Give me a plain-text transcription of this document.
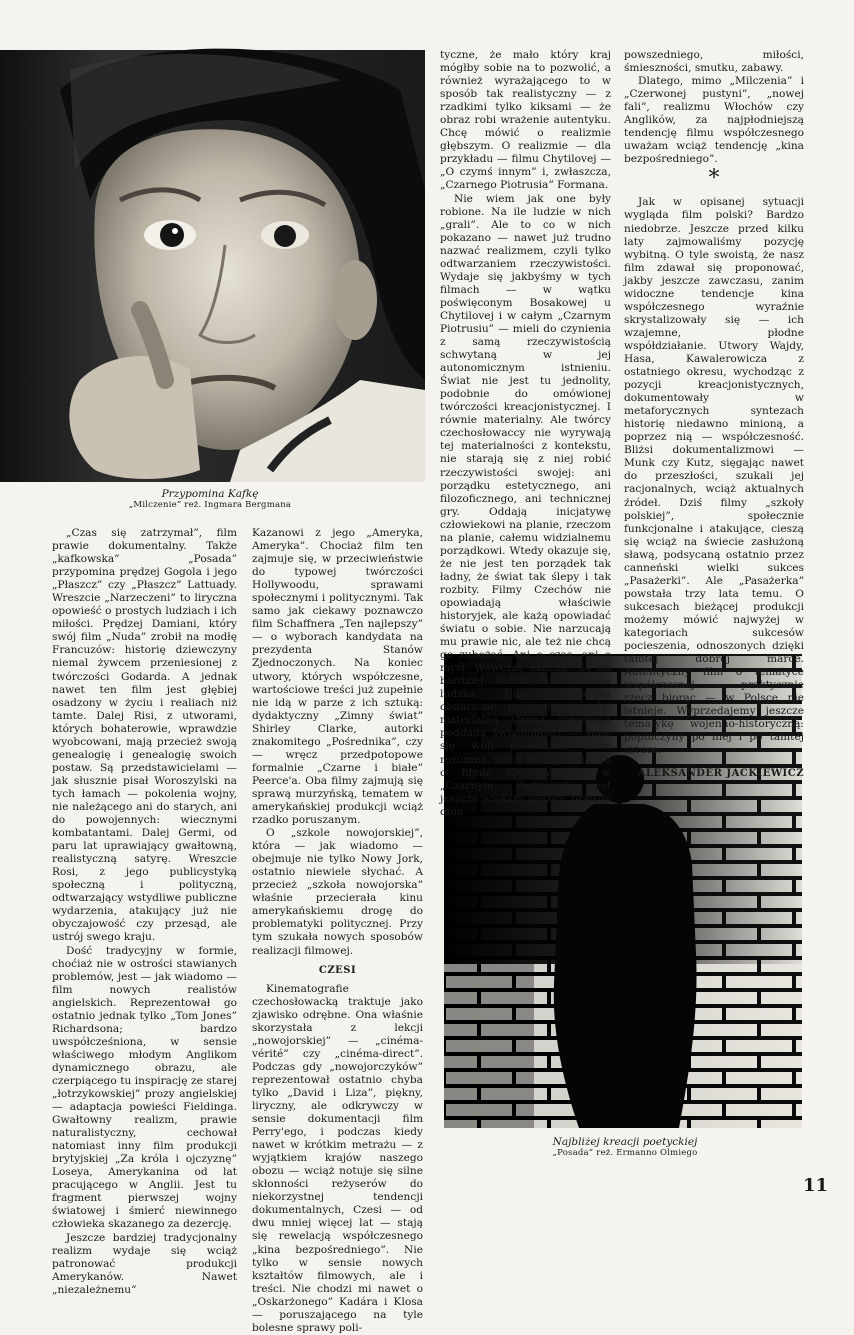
Przypomina Kafkę
„Milczenie” reż. Ingmara Bergmana
Najbliżej kreacji poetyckiej
„Posada” reż. Ermanno Olmiego

tyczne, że mało który kraj mógłby sobie na to pozwolić, a również wyrażającego to w sposób tak realistyczny — z rzadkimi tylko kiksami — że obraz robi wrażenie autentyku. Chcę mówić o realizmie głębszym. O realizmie — dla przykładu — filmu Chytilovej — „O czymś innym” i, zwłaszcza, „Czarnego Piotrusia” Formana.

Nie wiem jak one były robione. Na ile ludzie w nich „grali”. Ale to co w nich pokazano — nawet już trudno nazwać realizmem, czyli tylko odtwarzaniem rzeczywistości. Wydaje się jakbyśmy w tych filmach — w wątku poświęconym Bosakowej u Chytilovej i w całym „Czarnym Piotrusiu” — mieli do czynienia z samą rzeczywistością schwytaną w jej autonomicznym istnieniu. Świat nie jest tu jednolity, podobnie do omówionej twórczości kreacjonistycznej. I równie materialny. Ale twórcy czechosłowaccy nie wyrywają tej materialności z kontekstu, nie starają się z niej robić rzeczywistości swojej: ani porządku estetycznego, ani filozoficznego, ani technicznej gry. Oddają inicjatywę człowiekowi na planie, rzeczom na planie, całemu widzialnemu porządkowi. Wtedy okazuje się, że nie jest ten porządek tak ładny, że świat tak ślepy i tak rozbity. Filmy Czechów nie opowiadają właściwie historyjek, ale każą opowiadać światu o sobie. Nie narzucają mu prawie nic, ale też nie chcą go zubożać. Ani o czas, ani o myśl. Wówczas okazuje się on bardziej ludzki niż kreacja ludzka. Ciało człowieka obdarzone rozumem i wolą, materialna strona człowieka poddana świadomości — staje się woli posłuszna, sama rozumna, sama inteligentna. To o filmie Chytilovej. A w „Czarnym Piotrusiu” jest jeszcze większy gąszcz: prawdy dnia

powszedniego, miłości, śmieszności, smutku, zabawy.

Dlatego, mimo „Milczenia” i „Czerwonej pustyni”, „nowej fali”, realizmu Włochów czy Anglików, za najpłodniejszą tendencję filmu współczesnego uważam wciąż tendencję „kina bezpośredniego”.

*

Jak w opisanej sytuacji wygląda film polski? Bardzo niedobrze. Jeszcze przed kilku laty zajmowaliśmy pozycję wybitną. O tyle swoistą, że nasz film zdawał się proponować, jakby jeszcze zawczasu, zanim widoczne tendencje kina współczesnego wyraźnie skrystalizowały się — ich wzajemne, płodne współdziałanie. Utwory Wajdy, Hasa, Kawalerowicza z ostatniego okresu, wychodząc z pozycji kreacjonistycznych, dokumentowały w metaforycznych syntezach historię niedawno minioną, a poprzez nią — współczesność. Bliżsi dokumentalizmowi — Munk czy Kutz, sięgając nawet do przeszłości, szukali jej racjonalnych, wciąż aktualnych źródeł. Dziś filmy „szkoły polskiej”, społecznie funkcjonalne i atakujące, cieszą się wciąż na świecie zasłużoną sławą, podsycaną ostatnio przez canneński wielki sukces „Pasażerki”. Ale „Pasażerka” powstała trzy lata temu. O sukcesach bieżącej produkcji możemy mówić najwyżej w kategoriach sukcesów pocieszenia, odnoszonych dzięki tamtej dobrej marce. Autentyczny film o tematyce współczesnej — praktycznie rzecz biorąc — w Polsce nie istnieje. Wyprzedajemy jeszcze tematykę wojenno-historyczną: popluczyny po niej i po tamtej sztuce.

ALEKSANDER JACKIEWICZ

„Czas się zatrzymał”, film prawie dokumentalny. Także „kafkowska” „Posada” przypomina prędzej Gogola i jego „Płaszcz” czy „Płaszcz” Lattuady. Wreszcie „Narzeczeni” to liryczna opowieść o prostych ludziach i ich miłości. Prędzej Damiani, który swój film „Nuda” zrobił na modłę Francuzów: historię dziewczyny niemal żywcem przeniesionej z twórczości Godarda. A jednak nawet ten film jest głębiej osadzony w życiu i realiach niż tamte. Dalej Risi, z utworami, których bohaterowie, wprawdzie wyobcowani, mają przecież swoją genealogię i genealogię swoich postaw. Są przedstawicielami — jak słusznie pisał Woroszylski na tych łamach — pokolenia wojny, nie należącego ani do starych, ani do powojennych: wiecznymi kombatantami. Dalej Germi, od paru lat uprawiający gwałtowną, realistyczną satyrę. Wreszcie Rosi, z jego publicystyką społeczną i polityczną, odtwarzający wstydliwe publiczne wydarzenia, atakujący już nie obyczajowość czy przesąd, ale ustrój swego kraju.

Dość tradycyjny w formie, choćiaż nie w ostrości stawianych problemów, jest — jak wiadomo — film nowych realistów angielskich. Reprezentował go ostatnio jednak tylko „Tom Jones” Richardsona; bardzo uwspółcześniona, w sensie właściwego młodym Anglikom dynamicznego obrazu, ale czerpiącego tu inspirację ze starej „łotrzykowskiej” prozy angielskiej — adaptacja powieści Fieldinga. Gwałtowny realizm, prawie naturalistyczny, cechował natomiast inny film produkcji brytyjskiej „Za króla i ojczyznę” Loseya, Amerykanina od lat pracującego w Anglii. Jest tu fragment pierwszej wojny światowej i śmierć niewinnego człowieka skazanego za dezercję.

Jeszcze bardziej tradycjonalny realizm wydaje się wciąż patronować produkcji Amerykanów. Nawet „niezależnemu”

Kazanowi z jego „Ameryka, Ameryka”. Chociaż film ten zajmuje się, w przeciwieństwie do typowej twórczości Hollywoodu, sprawami społecznymi i politycznymi. Tak samo jak ciekawy poznawczo film Schaffnera „Ten najlepszy” — o wyborach kandydata na prezydenta Stanów Zjednoczonych. Na koniec utwory, których współczesne, wartościowe treści już zupełnie nie idą w parze z ich sztuką: dydaktyczny „Zimny świat” Shirley Clarke, autorki znakomitego „Pośrednika”, czy — wręcz przedpotopowe formalnie „Czarne i białe” Peerce'a. Oba filmy zajmują się sprawą murzyńską, tematem w amerykańskiej produkcji wciąż rzadko poruszanym.

O „szkole nowojorskiej”, która — jak wiadomo — obejmuje nie tylko Nowy Jork, ostatnio niewiele słychać. A przecież „szkoła nowojorska” właśnie przecierała kinu amerykańskiemu drogę do problematyki politycznej. Przy tym szukała nowych sposobów realizacji filmowej.

CZESI

Kinematografie czechosłowacką traktuje jako zjawisko odrębne. Ona właśnie skorzystała z lekcji „nowojorskiej” — „cinéma-vérité” czy „cinéma-direct”. Podczas gdy „nowojorczyków” reprezentował ostatnio chyba tylko „David i Liza”, piękny, liryczny, ale odkrywczy w sensie dokumentacji film Perry'ego, i podczas kiedy nawet w krótkim metrażu — z wyjątkiem krajów naszego obozu — wciąż notuje się silne skłonności reżyserów do niekorzystnej tendencji dokumentalnych, Czesi — od dwu mniej więcej lat — stają się rewelacją współczesnego „kina bezpośredniego”. Nie tylko w sensie nowych kształtów filmowych, ale i treści. Nie chodzi mi nawet o „Oskarżonego” Kadára i Klosa — poruszającego na tyle bolesne sprawy poli-

11
